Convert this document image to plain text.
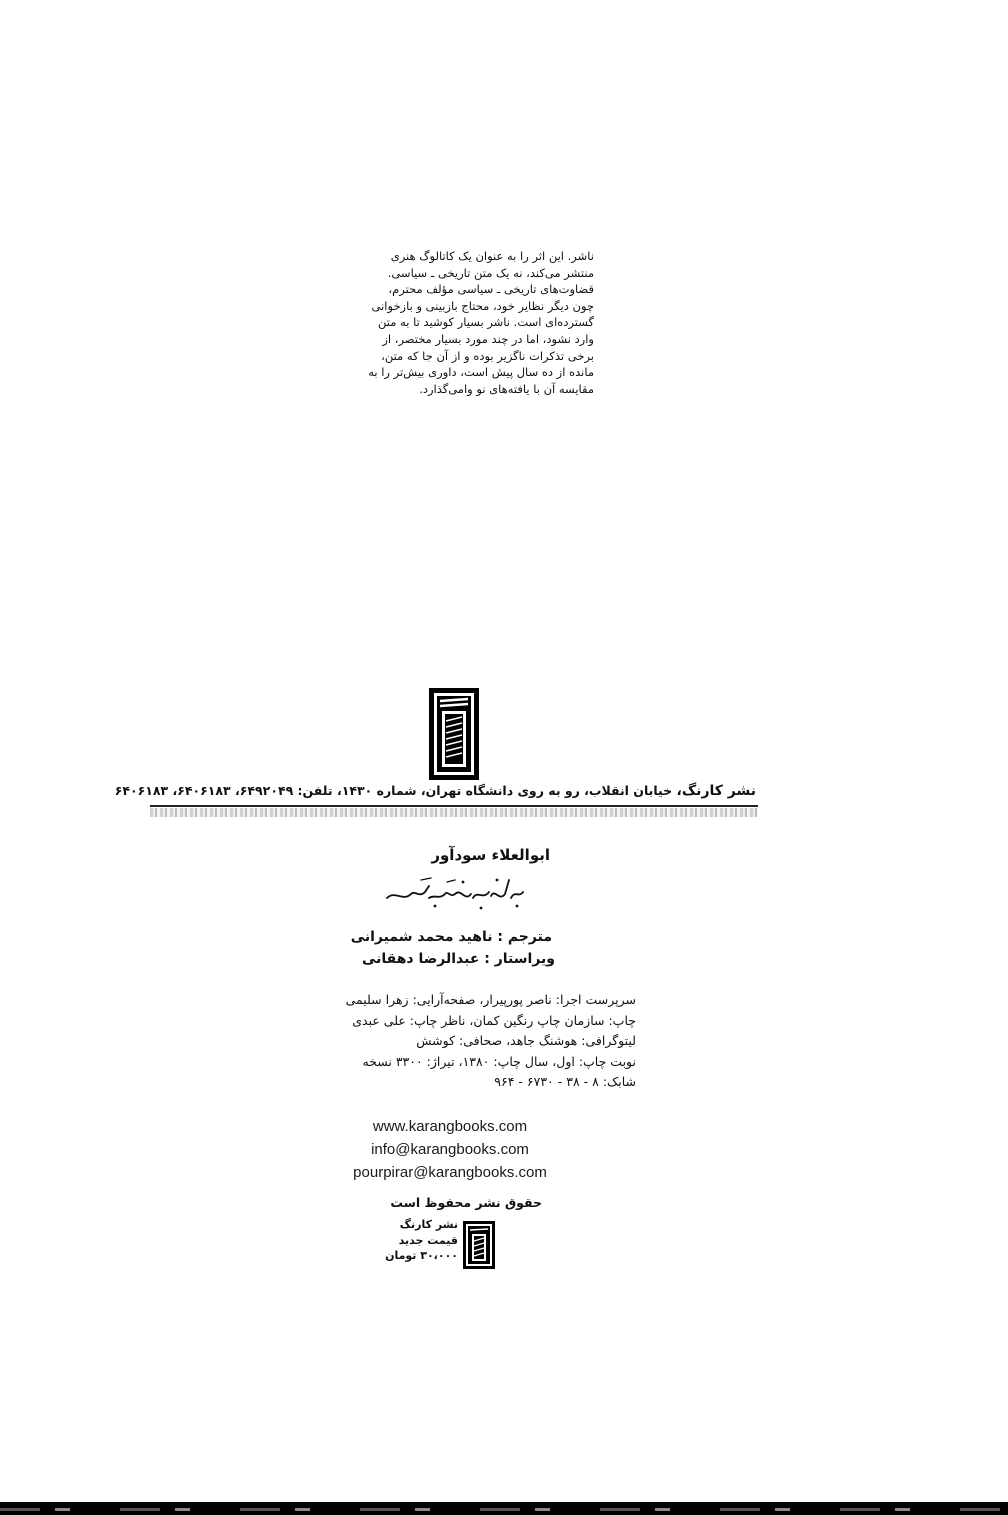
ناشر. این اثر را به عنوان یک کاتالوگ هنری
منتشر می‌کند، نه یک متن تاریخی ـ سیاسی.
قضاوت‌های تاریخی ـ سیاسی مؤلف محترم،
چون دیگر نظایر خود، محتاج بازبینی و بازخوانی
گسترده‌ای است. ناشر بسیار کوشید تا به متن
وارد نشود، اما در چند مورد بسیار مختصر، از
برخی تذکرات ناگزیر بوده و از آن جا که متن،
مانده از ده سال پیش است، داوری بیش‌تر را به
مقایسه آن با یافته‌های نو وامی‌گذارد.
نشر کارنگ، خیابان انقلاب، رو به روی دانشگاه تهران، شماره ۱۴۳۰، تلفن: ۶۴۹۲۰۴۹، ۶۴۰۶۱۸۳، ۶۴۰۶۱۸۳
ابوالعلاء سودآور
مترجم : ناهید محمد شمیرانی
ویراستار : عبدالرضا دهقانی
سرپرست اجرا: ناصر پورپیرار، صفحه‌آرایی: زهرا سلیمی
چاپ: سازمان چاپ رنگین کمان، ناظر چاپ: علی عبدی
لیتوگرافی: هوشنگ جاهد، صحافی: کوشش
نوبت چاپ: اول، سال چاپ: ۱۳۸۰، تیراژ: ۳۳۰۰ نسخه
شابک: ۸ - ۳۸ - ۶۷۳۰ - ۹۶۴
www.karangbooks.com
info@karangbooks.com
pourpirar@karangbooks.com
حقوق نشر محفوظ است
نشر کارنگ
قیمت جدید
۳۰،۰۰۰ تومان
